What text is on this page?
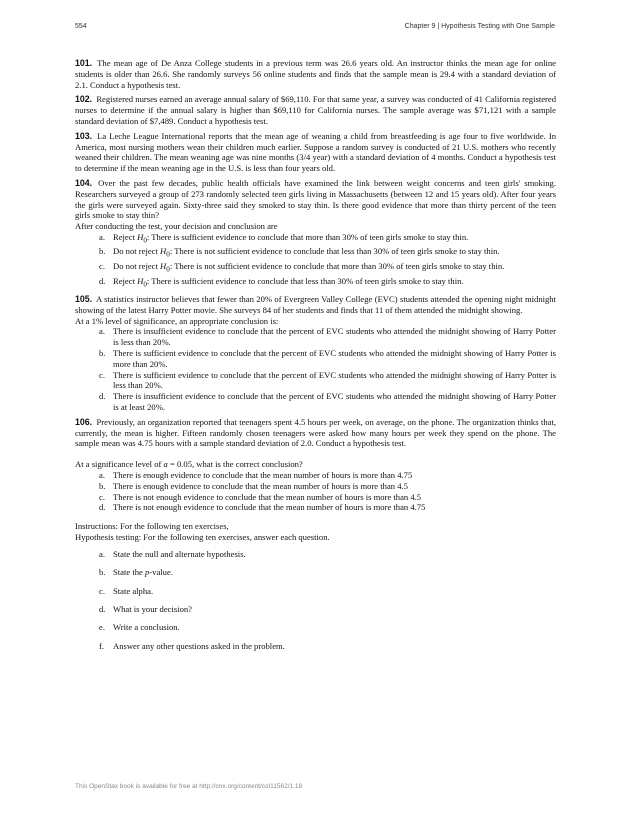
554	Chapter 9 | Hypothesis Testing with One Sample

101. The mean age of De Anza College students in a previous term was 26.6 years old. An instructor thinks the mean age for online students is older than 26.6. She randomly surveys 56 online students and finds that the sample mean is 29.4 with a standard deviation of 2.1. Conduct a hypothesis test.

102. Registered nurses earned an average annual salary of $69,110. For that same year, a survey was conducted of 41 California registered nurses to determine if the annual salary is higher than $69,110 for California nurses. The sample average was $71,121 with a sample standard deviation of $7,489. Conduct a hypothesis test.

103. La Leche League International reports that the mean age of weaning a child from breastfeeding is age four to five worldwide. In America, most nursing mothers wean their children much earlier. Suppose a random survey is conducted of 21 U.S. mothers who recently weaned their children. The mean weaning age was nine months (3/4 year) with a standard deviation of 4 months. Conduct a hypothesis test to determine if the mean weaning age in the U.S. is less than four years old.

104. Over the past few decades, public health officials have examined the link between weight concerns and teen girls' smoking. Researchers surveyed a group of 273 randomly selected teen girls living in Massachusetts (between 12 and 15 years old). After four years the girls were surveyed again. Sixty-three said they smoked to stay thin. Is there good evidence that more than thirty percent of the teen girls smoke to stay thin?

After conducting the test, your decision and conclusion are

a. Reject $H_0$: There is sufficient evidence to conclude that more than 30% of teen girls smoke to stay thin.
b. Do not reject $H_0$: There is not sufficient evidence to conclude that less than 30% of teen girls smoke to stay thin.
c. Do not reject $H_0$: There is not sufficient evidence to conclude that more than 30% of teen girls smoke to stay thin.
d. Reject $H_0$: There is sufficient evidence to conclude that less than 30% of teen girls smoke to stay thin.

105. A statistics instructor believes that fewer than 20% of Evergreen Valley College (EVC) students attended the opening night midnight showing of the latest Harry Potter movie. She surveys 84 of her students and finds that 11 of them attended the midnight showing.

At a 1% level of significance, an appropriate conclusion is:

a. There is insufficient evidence to conclude that the percent of EVC students who attended the midnight showing of Harry Potter is less than 20%.
b. There is sufficient evidence to conclude that the percent of EVC students who attended the midnight showing of Harry Potter is more than 20%.
c. There is sufficient evidence to conclude that the percent of EVC students who attended the midnight showing of Harry Potter is less than 20%.
d. There is insufficient evidence to conclude that the percent of EVC students who attended the midnight showing of Harry Potter is at least 20%.

106. Previously, an organization reported that teenagers spent 4.5 hours per week, on average, on the phone. The organization thinks that, currently, the mean is higher. Fifteen randomly chosen teenagers were asked how many hours per week they spend on the phone. The sample mean was 4.75 hours with a sample standard deviation of 2.0. Conduct a hypothesis test.

At a significance level of a = 0.05, what is the correct conclusion?

a. There is enough evidence to conclude that the mean number of hours is more than 4.75
b. There is enough evidence to conclude that the mean number of hours is more than 4.5
c. There is not enough evidence to conclude that the mean number of hours is more than 4.5
d. There is not enough evidence to conclude that the mean number of hours is more than 4.75

Instructions: For the following ten exercises,

Hypothesis testing: For the following ten exercises, answer each question.

a. State the null and alternate hypothesis.
b. State the p-value.
c. State alpha.
d. What is your decision?
e. Write a conclusion.
f. Answer any other questions asked in the problem.
This OpenStax book is available for free at http://cnx.org/content/col11562/1.18
